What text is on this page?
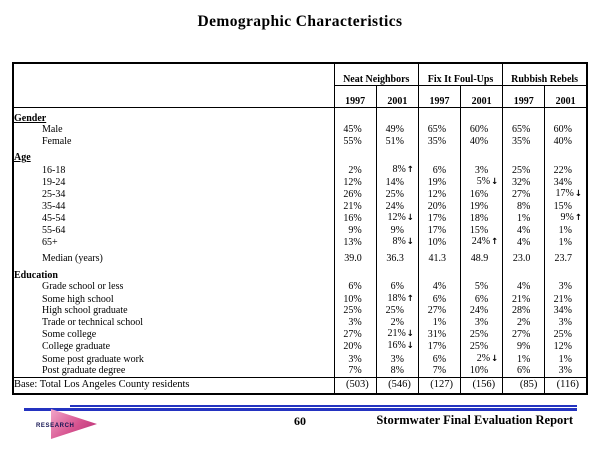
Demographic Characteristics
	Neat Neighbors		Fix It Foul-Ups		Rubbish Rebels	
	1997	2001	1997	2001	1997	2001
Gender						
Male	45%	49%	65%	60%	65%	60%
Female	55%	51%	35%	40%	35%	40%
Age						
16-18	2%	8%↑	6%	3%	25%	22%
19-24	12%	14%	19%	5%↓	32%	34%
25-34	26%	25%	12%	16%	27%	17%↓
35-44	21%	24%	20%	19%	8%	15%
45-54	16%	12%↓	17%	18%	1%	9%↑
55-64	9%	9%	17%	15%	4%	1%
65+	13%	8%↓	10%	24%↑	4%	1%
Median (years)	39.0	36.3	41.3	48.9	23.0	23.7
Education						
Grade school or less	6%	6%	4%	5%	4%	3%
Some high school	10%	18%↑	6%	6%	21%	21%
High school graduate	25%	25%	27%	24%	28%	34%
Trade or technical school	3%	2%	1%	3%	2%	3%
Some college	27%	21%↓	31%	25%	27%	25%
College graduate	20%	16%↓	17%	25%	9%	12%
Some post graduate work	3%	3%	6%	2%↓	1%	1%
Post graduate degree	7%	8%	7%	10%	6%	3%
Base: Total Los Angeles County residents	(503)	(546)	(127)	(156)	(85)	(116)
RESEARCH	60	Stormwater Final Evaluation Report
